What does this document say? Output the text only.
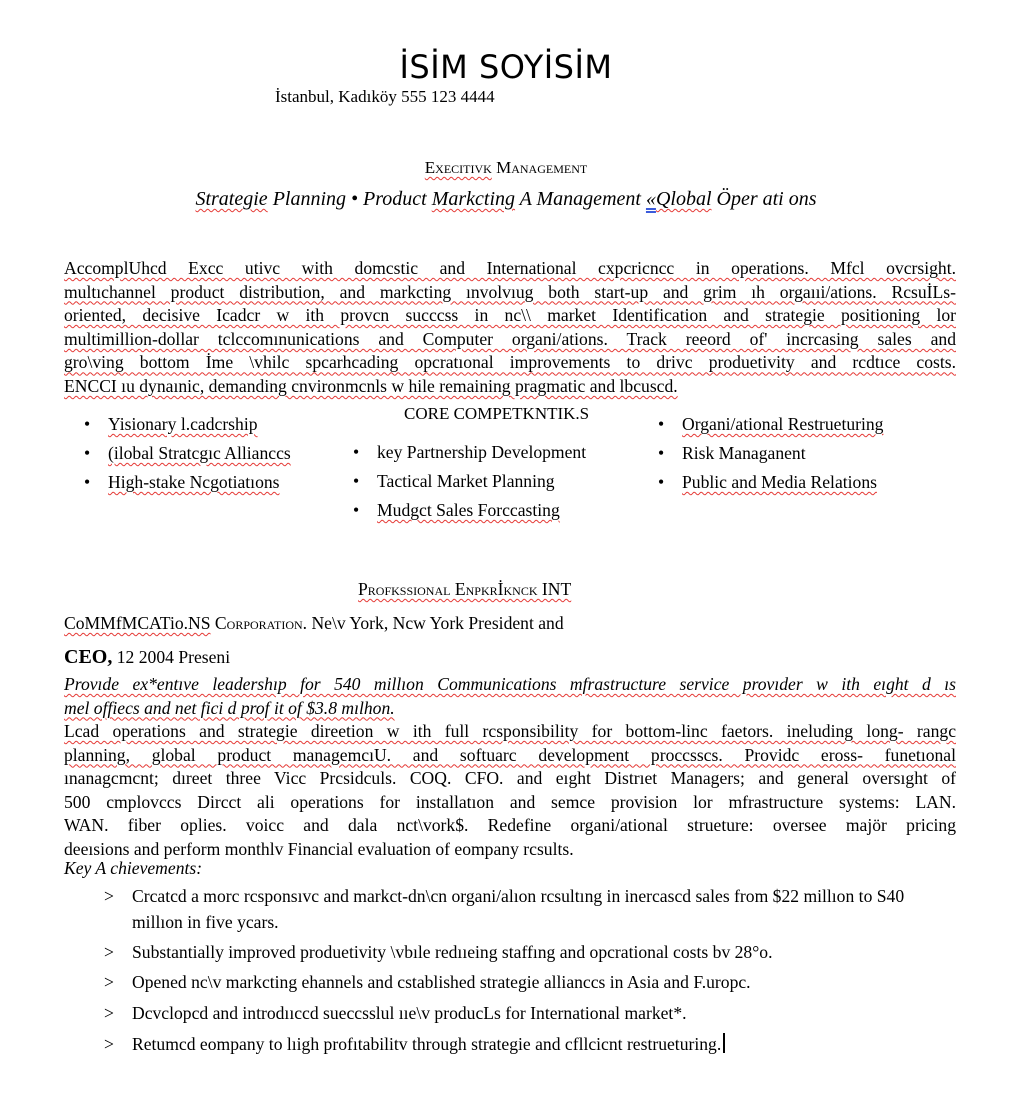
İSİM SOYİSİM
İstanbul, Kadıköy 555 123 4444
Execitivk Management
Strategie Planning • Product Markcting A Management «Qlobal Öper ati ons
AccomplUhcd Excc utivc with domcstic and International cxpcricncc in operations. Mfcl ovcrsight.
multıchannel product distribution, and markcting ınvolvıug both start-up and grim ıh orgaııi/ations. RcsuİLs-
oriented, decisive Icadcr w ith provcn succcss in nc\\ market Identification and strategie positioning lor
multimillion-dollar tclccomınunications and Computer organi/ations. Track reeord of' incrcasing sales and
gro\ving bottom İme \vhilc spcarhcading opcratıonal improvements to drivc produetivity and rcdtıce costs.
ENCCI ıu dynaınic, demanding cnvironmcnls w hile remaining pragmatic and lbcuscd.
CORE COMPETKNTIK.S
• Yisionary l.cadcrship
• (ilobal Stratcgıc Allianccs
• High-stake Ncgotiatıons
• key Partnership Development
• Tactical Market Planning
• Mudgct Sales Forccasting
• Organi/ational Restrueturing
• Risk Managanent
• Public and Media Relations
Profkssional Enpkrİknck INT
CoMMfMCATio.NS Corporatıon. Ne\v York, Ncw York President and
CEO, 12 2004 Preseni
Provıde ex*entıve leadershıp for 540 millıon Communications mfrastructure service provıder w ith eıght d ıs
mel offiecs and net fici d prof it of $3.8 mılhon.
Lcad operations and strategie direetion w ith full rcsponsibility for bottom-linc faetors. ineluding long- rangc
planning, global product managemcıU. and softuarc development proccsscs. Providc eross- funetıonal
ınanagcmcnt; dıreet three Vicc Prcsidculs. COQ. CFO. and eıght Distrıet Managers; and general oversıght of
500 cmplovccs Dircct ali operations for installatıon and semce provision lor mfrastructure systems: LAN.
WAN. fiber oplies. voicc and dala nct\vork$. Redefine organi/ational strueture: oversee majör pricing
deeısions and perform monthlv Financial evaluation of eompany rcsults.
Key A chievements:
> Crcatcd a morc rcsponsıvc and markct-dn\cn organi/alıon rcsultıng in inercascd sales from $22 millıon to S40 millıon in five ycars.
> Substantially improved produetivity \vbıle redııeing staffıng and opcrational costs bv 28°o.
> Opened nc\v markcting ehannels and cstablished strategie allianccs in Asia and F.uropc.
> Dcvclopcd and introdııccd sueccsslul ııe\v producLs for International market*.
> Retumcd eompany to lıigh profıtabilitv through strategie and cfllcicnt restrueturing.
